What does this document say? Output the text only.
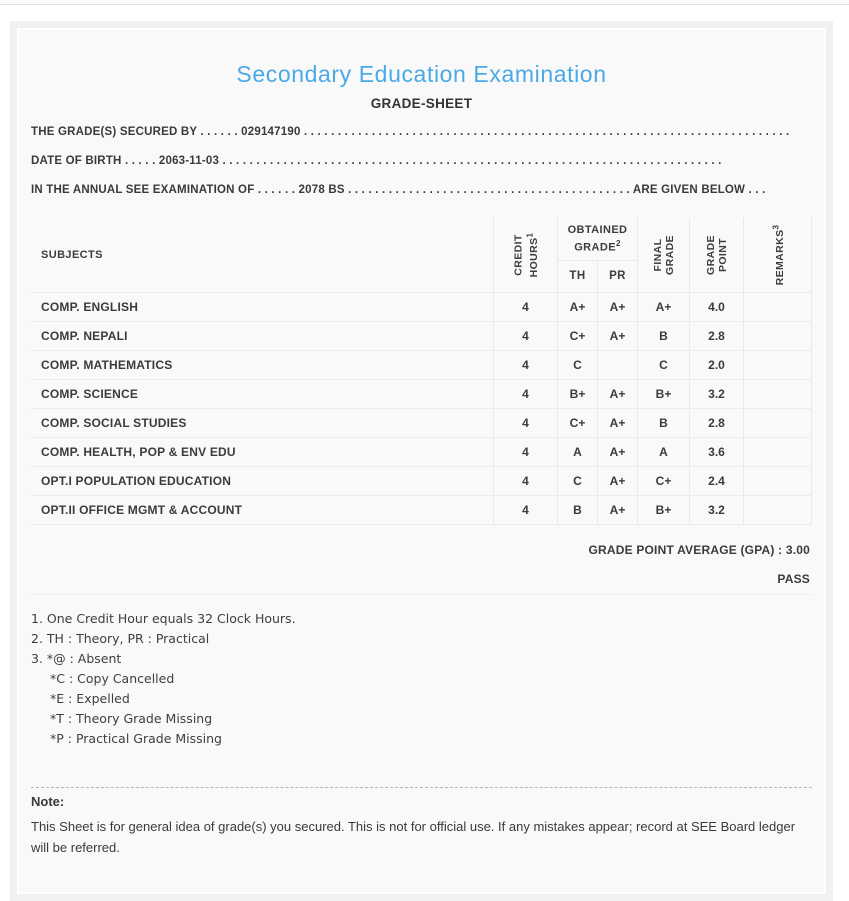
Secondary Education Examination
GRADE-SHEET
THE GRADE(S) SECURED BY . . . . . . 029147190 . . . . . . . . . . . . . . . . . . . . . . . . . . . . . . . . . . . . . . . . . . . . . . . . . . . . . . . . . . . . . . . . . . . . . . . .
DATE OF BIRTH . . . . . 2063-11-03 . . . . . . . . . . . . . . . . . . . . . . . . . . . . . . . . . . . . . . . . . . . . . . . . . . . . . . . . . . . . . . . . . . . . . . . . . .
IN THE ANNUAL SEE EXAMINATION OF . . . . . . 2078 BS . . . . . . . . . . . . . . . . . . . . . . . . . . . . . . . . . . . . . . . . . . ARE GIVEN BELOW . . .
SUBJECTS	CREDIT HOURS$^1$	OBTAINED GRADE$^2$		FINAL GRADE	GRADE POINT	REMARKS$^3$

		TH	PR			
COMP. ENGLISH	4	A+	A+	A+	4.0	
COMP. NEPALI	4	C+	A+	B	2.8	
COMP. MATHEMATICS	4	C		C	2.0	
COMP. SCIENCE	4	B+	A+	B+	3.2	
COMP. SOCIAL STUDIES	4	C+	A+	B	2.8	
COMP. HEALTH, POP & ENV EDU	4	A	A+	A	3.6	
OPT.I POPULATION EDUCATION	4	C	A+	C+	2.4	
OPT.II OFFICE MGMT & ACCOUNT	4	B	A+	B+	3.2	
GRADE POINT AVERAGE (GPA) : 3.00
PASS
1. One Credit Hour equals 32 Clock Hours.
2. TH : Theory, PR : Practical
3. *@ : Absent
*C : Copy Cancelled
*E : Expelled
*T : Theory Grade Missing
*P : Practical Grade Missing
Note:
This Sheet is for general idea of grade(s) you secured. This is not for official use. If any mistakes appear; record at SEE Board ledger will be referred.
